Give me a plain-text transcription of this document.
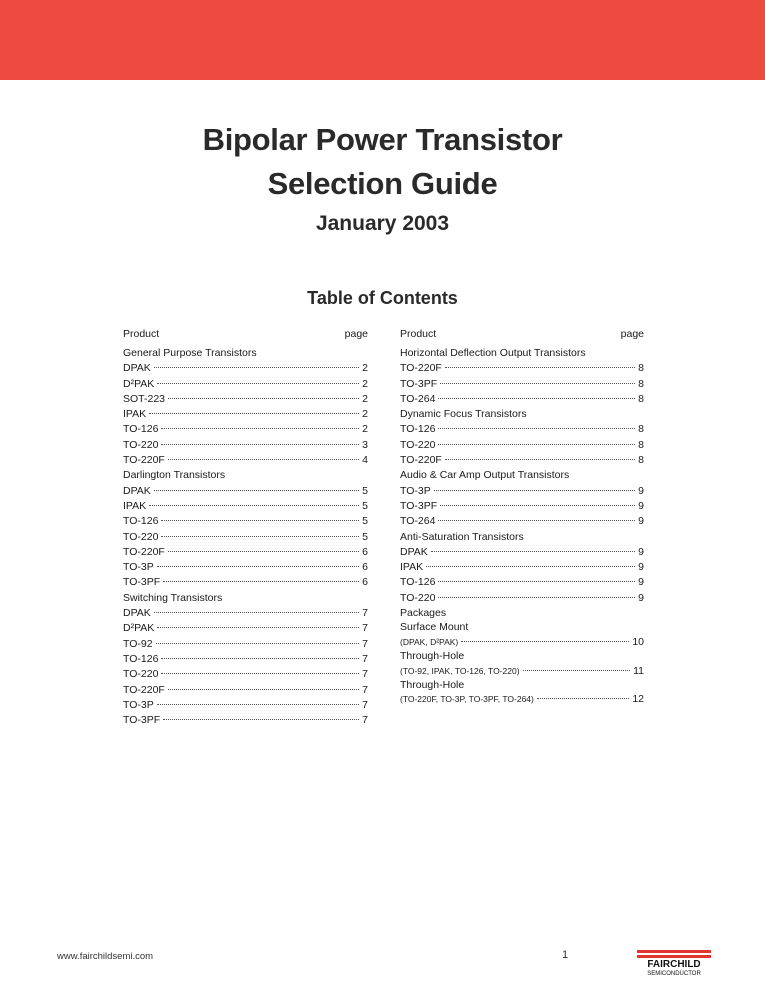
Bipolar Power Transistor
Selection Guide
January 2003
Table of Contents
Product	page
General Purpose Transistors
DPAK	2
D²PAK	2
SOT-223	2
IPAK	2
TO-126	2
TO-220	3
TO-220F	4
Darlington Transistors
DPAK	5
IPAK	5
TO-126	5
TO-220	5
TO-220F	6
TO-3P	6
TO-3PF	6
Switching Transistors
DPAK	7
D²PAK	7
TO-92	7
TO-126	7
TO-220	7
TO-220F	7
TO-3P	7
TO-3PF	7
Product	page
Horizontal Deflection Output Transistors
TO-220F	8
TO-3PF	8
TO-264	8
Dynamic Focus Transistors
TO-126	8
TO-220	8
TO-220F	8
Audio & Car Amp Output Transistors
TO-3P	9
TO-3PF	9
TO-264	9
Anti-Saturation Transistors
DPAK	9
IPAK	9
TO-126	9
TO-220	9
Packages
Surface Mount
(DPAK, D²PAK)	10
Through-Hole
(TO-92, IPAK, TO-126, TO-220)	11
Through-Hole
(TO-220F, TO-3P, TO-3PF, TO-264)	12
www.fairchildsemi.com	1
FAIRCHILD
SEMICONDUCTOR
